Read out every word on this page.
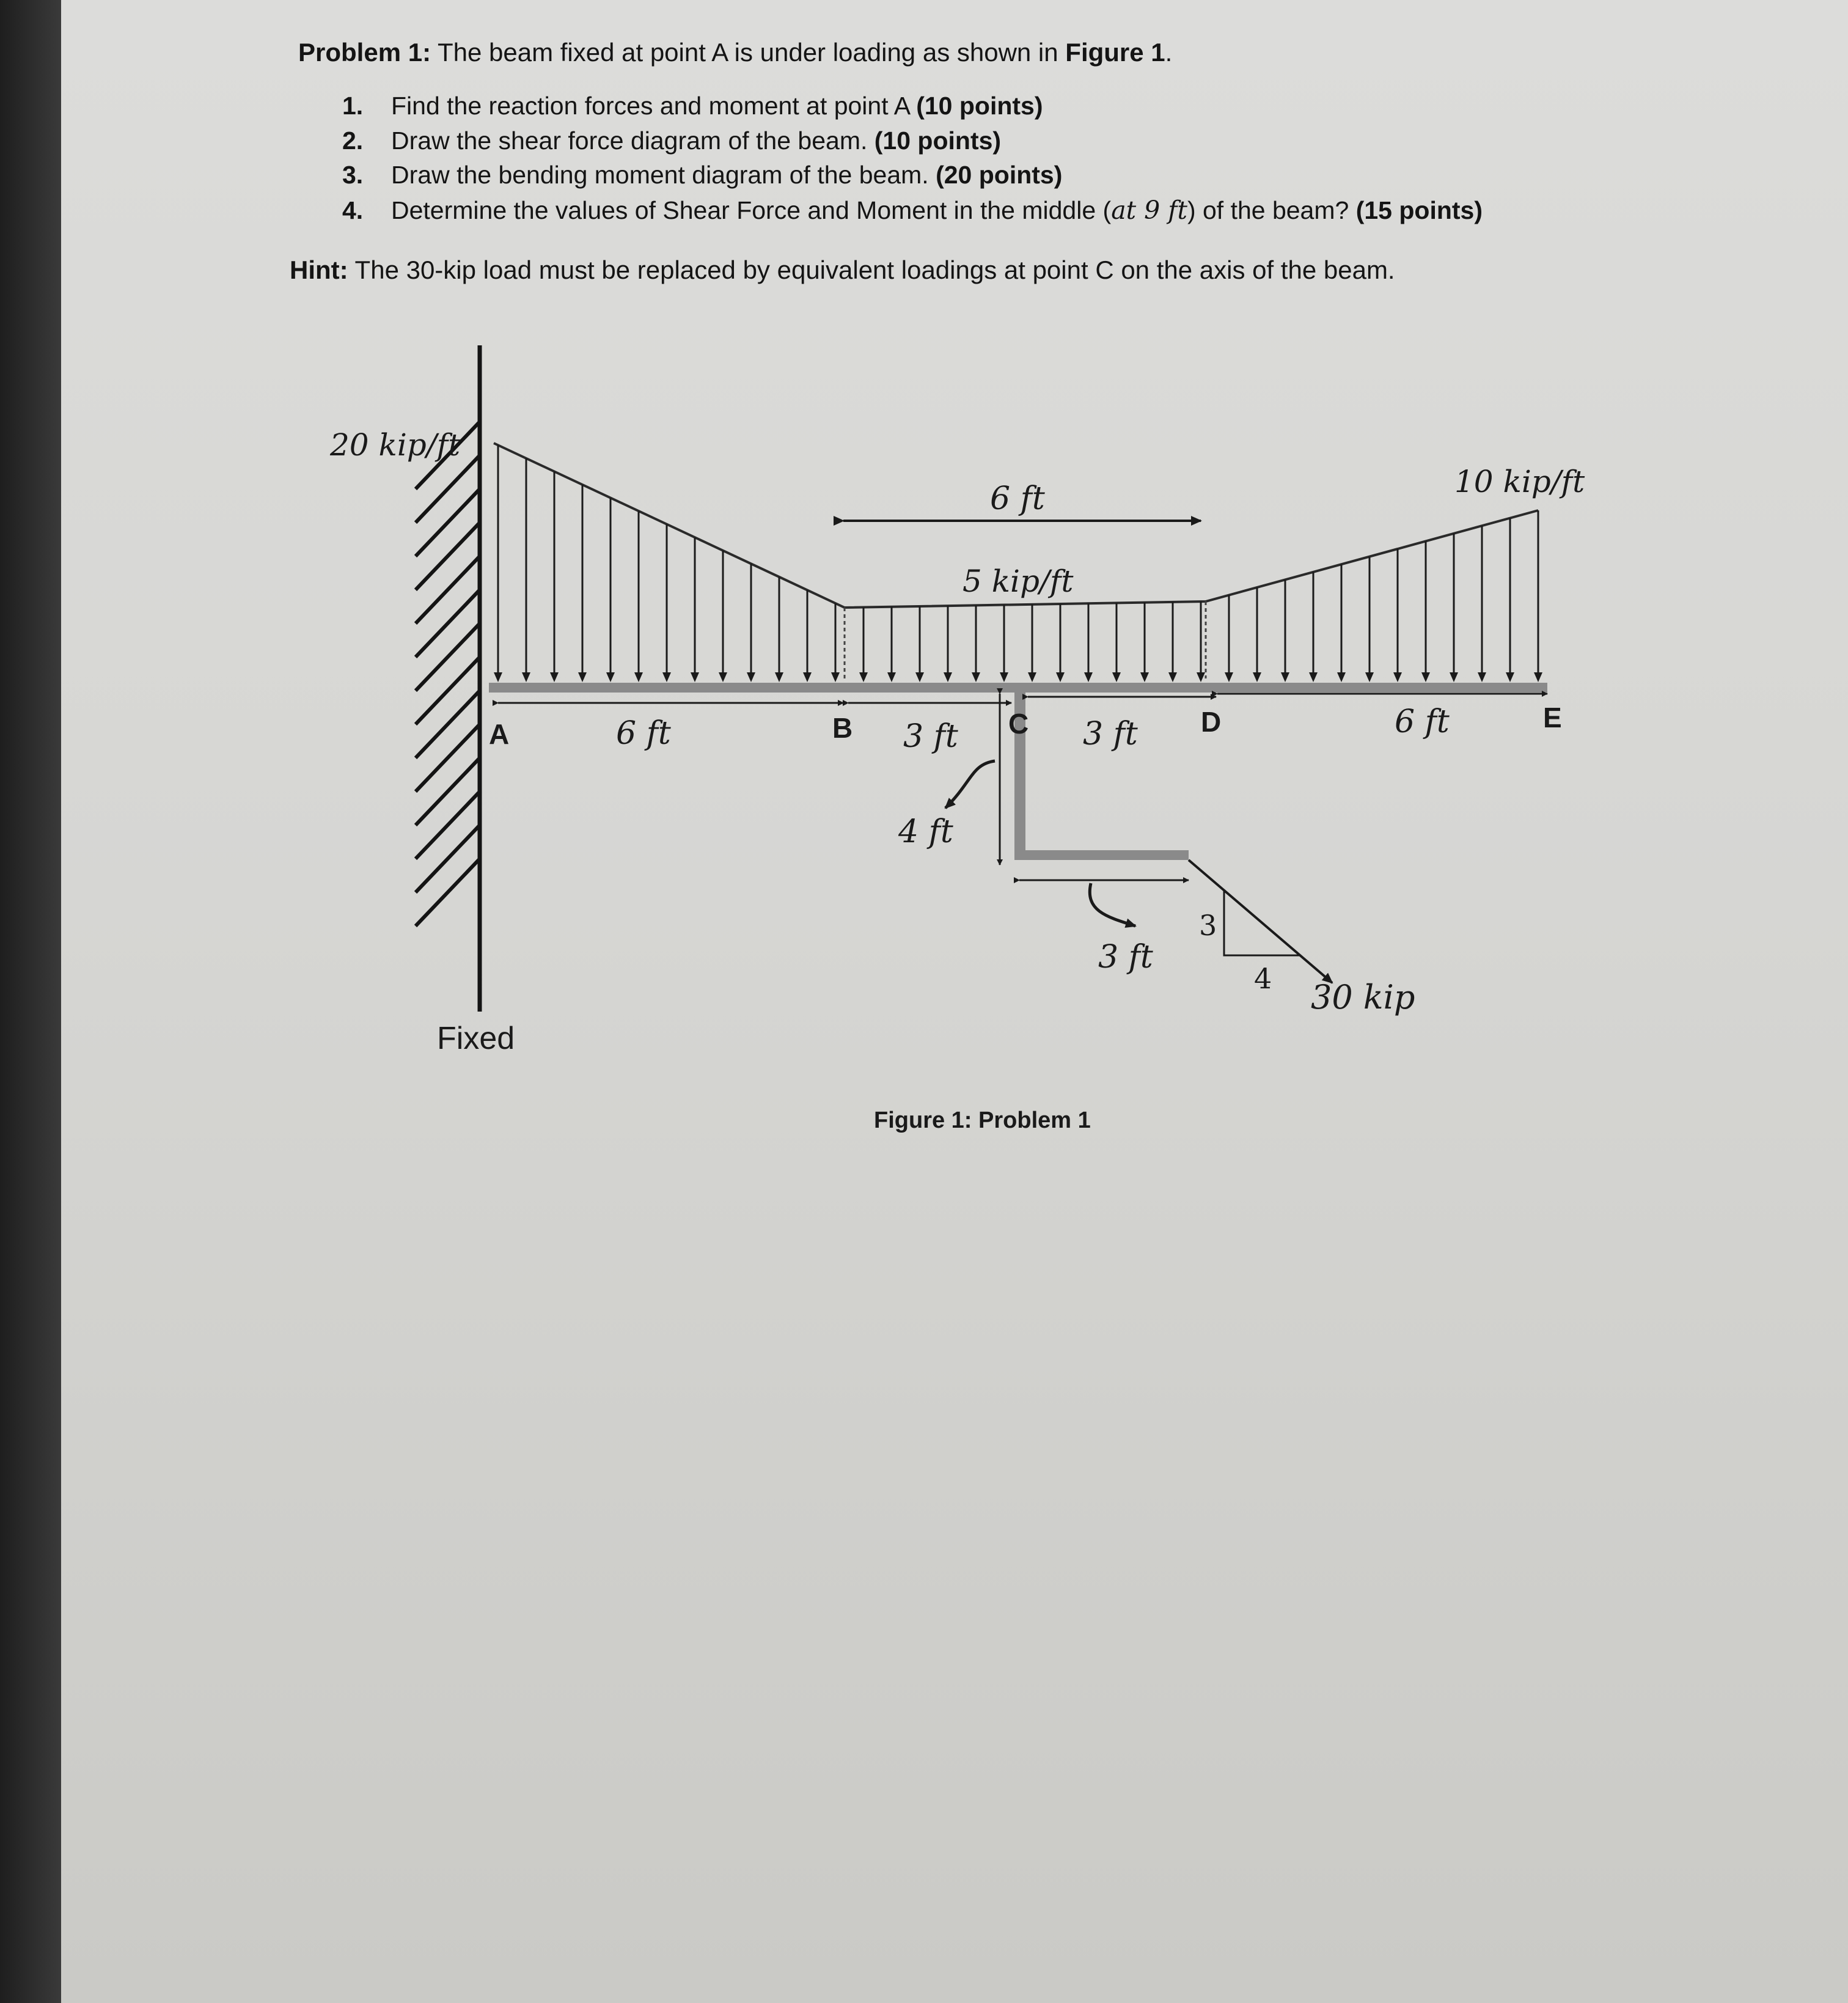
Problem 1: The beam fixed at point A is under loading as shown in Figure 1.
1. Find the reaction forces and moment at point A (10 points)
2. Draw the shear force diagram of the beam. (10 points)
3. Draw the bending moment diagram of the beam. (20 points)
4. Determine the values of Shear Force and Moment in the middle (at 9 ft) of the beam? (15 points)
Hint: The 30-kip load must be replaced by equivalent loadings at point C on the axis of the beam.
6 ft
20 kip/ft
5 kip/ft
10 kip/ft
A	B	C	D	E
6 ft	3 ft	3 ft	6 ft
4 ft
3 ft
3
4 30 kip
Fixed
Figure 1: Problem 1
